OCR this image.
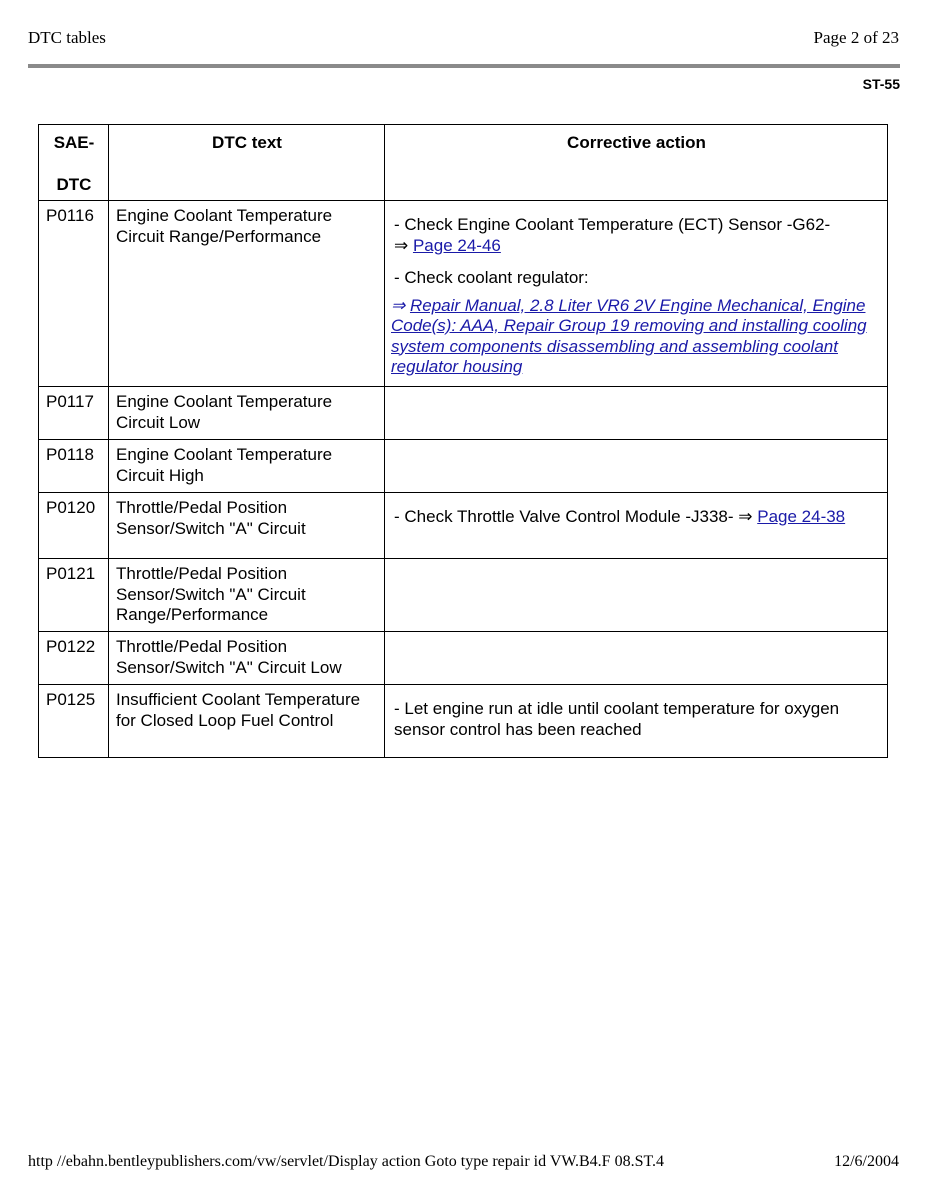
DTC tables	Page 2 of 23
ST-55
SAE-

DTC	DTC text	Corrective action
P0116	Engine Coolant Temperature Circuit Range/Performance	- Check Engine Coolant Temperature (ECT) Sensor -G62-
⇒ Page 24-46
- Check coolant regulator:
⇒ Repair Manual, 2.8 Liter VR6 2V Engine Mechanical, Engine Code(s): AAA, Repair Group 19 removing and installing cooling system components disassembling and assembling coolant regulator housing

P0117	Engine Coolant Temperature Circuit Low	
P0118	Engine Coolant Temperature Circuit High	
P0120	Throttle/Pedal Position Sensor/Switch "A" Circuit	- Check Throttle Valve Control Module -J338- ⇒ Page 24-38

P0121	Throttle/Pedal Position Sensor/Switch "A" Circuit Range/Performance	
P0122	Throttle/Pedal Position Sensor/Switch "A" Circuit Low	
P0125	Insufficient Coolant Temperature for Closed Loop Fuel Control	- Let engine run at idle until coolant temperature for oxygen sensor control has been reached
http //ebahn.bentleypublishers.com/vw/servlet/Display action Goto type repair id VW.B4.F 08.ST.4	12/6/2004
